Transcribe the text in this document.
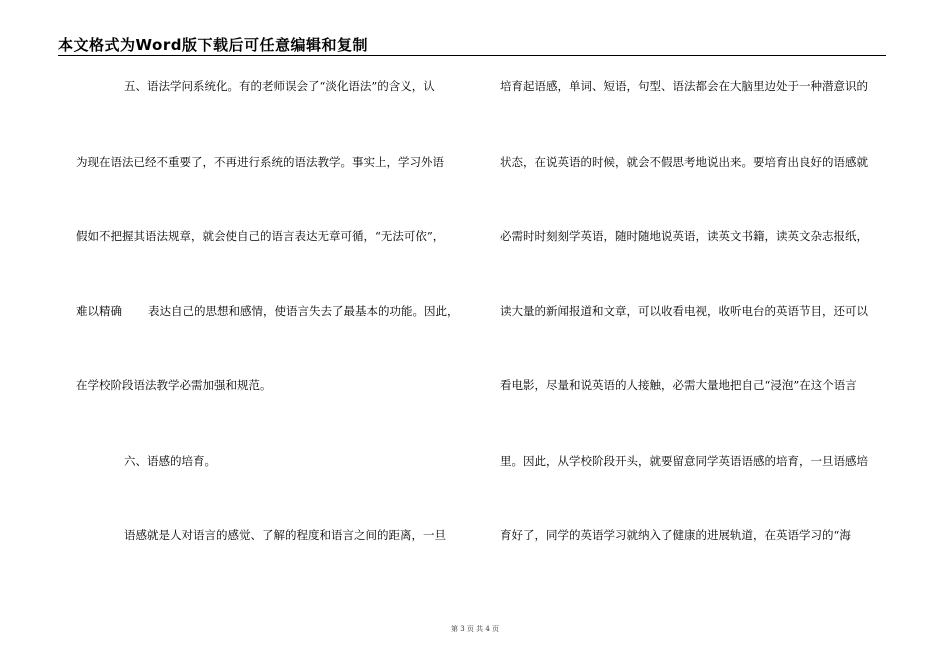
本文格式为Word版下载后可任意编辑和复制
五、语法学问系统化。有的老师误会了“淡化语法”的含义，认
为现在语法已经不重要了，不再进行系统的语法教学。事实上，学习外语
假如不把握其语法规章，就会使自己的语言表达无章可循，“无法可依”，
难以精确 表达自己的思想和感情，使语言失去了最基本的功能。因此，
在学校阶段语法教学必需加强和规范。
六、语感的培育。
语感就是人对语言的感觉、了解的程度和语言之间的距离，一旦
培育起语感，单词、短语，句型、语法都会在大脑里边处于一种潜意识的
状态，在说英语的时候，就会不假思考地说出来。要培育出良好的语感就
必需时时刻刻学英语，随时随地说英语，读英文书籍，读英文杂志报纸，
读大量的新闻报道和文章，可以收看电视，收听电台的英语节目，还可以
看电影，尽量和说英语的人接触，必需大量地把自己“浸泡”在这个语言
里。因此，从学校阶段开头，就要留意同学英语语感的培育，一旦语感培
育好了，同学的英语学习就纳入了健康的进展轨道，在英语学习的“海
第 3 页 共 4 页
